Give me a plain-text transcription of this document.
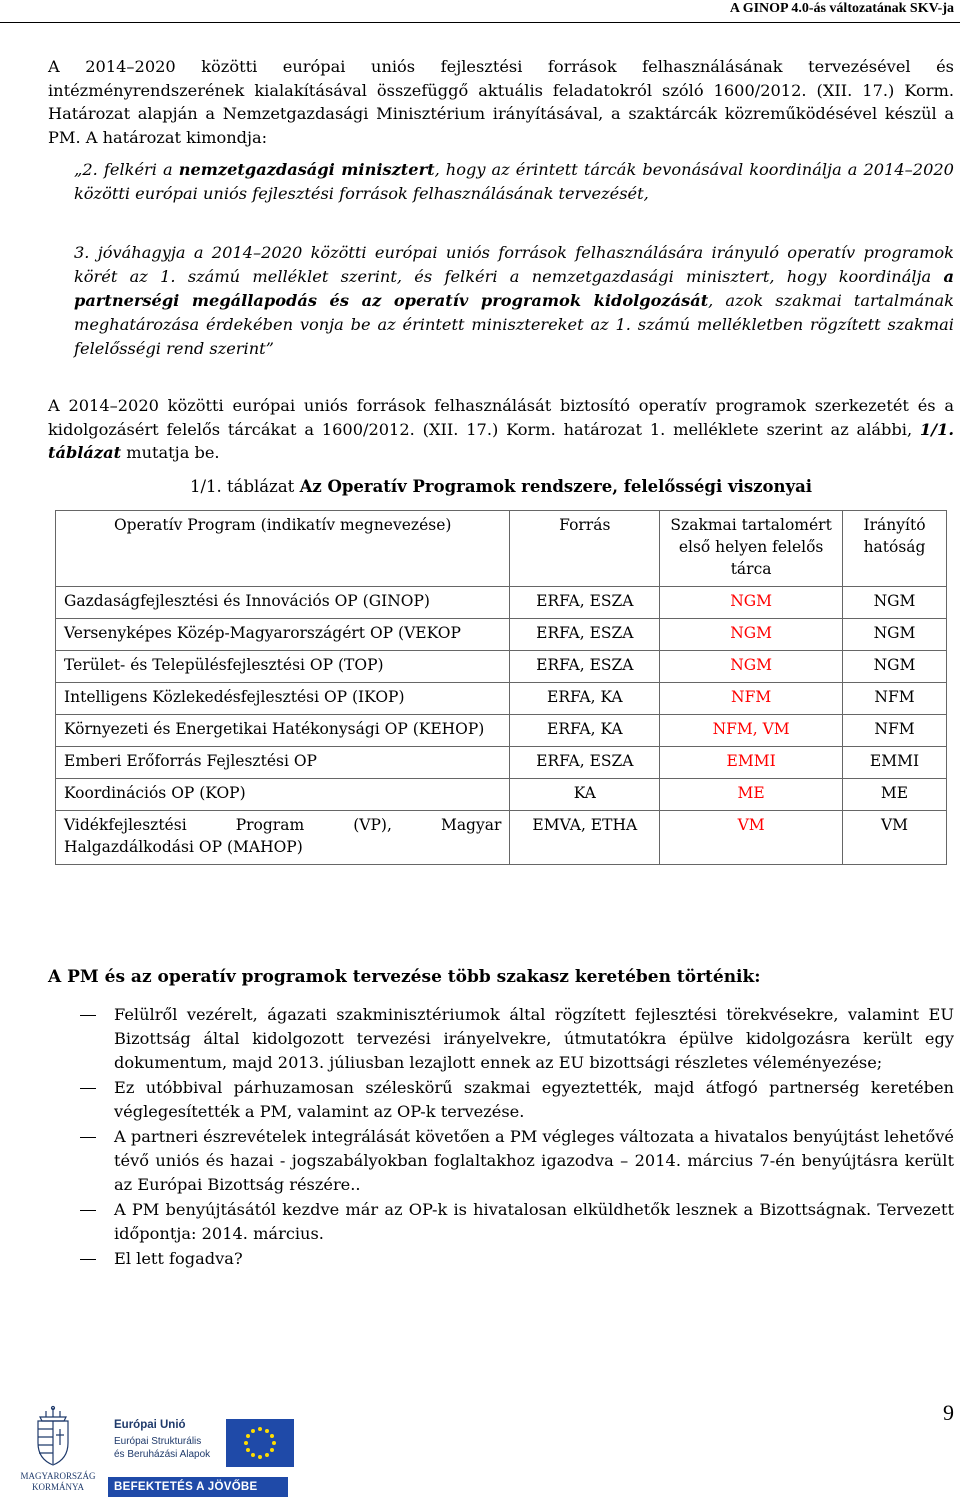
A GINOP 4.0-ás változatának SKV-ja
A 2014–2020 közötti európai uniós fejlesztési források felhasználásának tervezésével és intézményrendszerének kialakításával összefüggő aktuális feladatokról szóló 1600/2012. (XII. 17.) Korm. Határozat alapján a Nemzetgazdasági Minisztérium irányításával, a szaktárcák közreműködésével készül a PM. A határozat kimondja:
„2. felkéri a nemzetgazdasági minisztert, hogy az érintett tárcák bevonásával koordinálja a 2014–2020 közötti európai uniós fejlesztési források felhasználásának tervezését,
3. jóváhagyja a 2014–2020 közötti európai uniós források felhasználására irányuló operatív programok körét az 1. számú melléklet szerint, és felkéri a nemzetgazdasági minisztert, hogy koordinálja a partnerségi megállapodás és az operatív programok kidolgozását, azok szakmai tartalmának meghatározása érdekében vonja be az érintett minisztereket az 1. számú mellékletben rögzített szakmai felelősségi rend szerint”
A 2014–2020 közötti európai uniós források felhasználását biztosító operatív programok szerkezetét és a kidolgozásért felelős tárcákat a 1600/2012. (XII. 17.) Korm. határozat 1. melléklete szerint az alábbi, 1/1. táblázat mutatja be.
1/1. táblázat Az Operatív Programok rendszere, felelősségi viszonyai
Operatív Program (indikatív megnevezése)	Forrás	Szakmai tartalomért első helyen felelős tárca	Irányító hatóság
Gazdaságfejlesztési és Innovációs OP (GINOP)	ERFA, ESZA	NGM	NGM
Versenyképes Közép-Magyarországért OP (VEKOP	ERFA, ESZA	NGM	NGM
Terület- és Településfejlesztési OP (TOP)	ERFA, ESZA	NGM	NGM
Intelligens Közlekedésfejlesztési OP (IKOP)	ERFA, KA	NFM	NFM
Környezeti és Energetikai Hatékonysági OP (KEHOP)	ERFA, KA	NFM, VM	NFM
Emberi Erőforrás Fejlesztési OP	ERFA, ESZA	EMMI	EMMI
Koordinációs OP (KOP)	KA	ME	ME
Vidékfejlesztési Program (VP), Magyar Halgazdálkodási OP (MAHOP)	EMVA, ETHA	VM	VM
A PM és az operatív programok tervezése több szakasz keretében történik:
Felülről vezérelt, ágazati szakminisztériumok által rögzített fejlesztési törekvésekre, valamint EU Bizottság által kidolgozott tervezési irányelvekre, útmutatókra épülve kidolgozásra került egy dokumentum, majd 2013. júliusban lezajlott ennek az EU bizottsági részletes véleményezése;
Ez utóbbival párhuzamosan széleskörű szakmai egyeztették, majd átfogó partnerség keretében véglegesítették a PM, valamint az OP-k tervezése.
A partneri észrevételek integrálását követően a PM végleges változata a hivatalos benyújtást lehetővé tévő uniós és hazai - jogszabályokban foglaltakhoz igazodva – 2014. március 7-én benyújtásra került az Európai Bizottság részére..
A PM benyújtásától kezdve már az OP-k is hivatalosan elküldhetők lesznek a Bizottságnak. Tervezett időpontja: 2014. március.
El lett fogadva?
9
MAGYARORSZÁG
KORMÁNYA
Európai Unió
Európai Strukturális
és Beruházási Alapok
BEFEKTETÉS A JÖVŐBE
